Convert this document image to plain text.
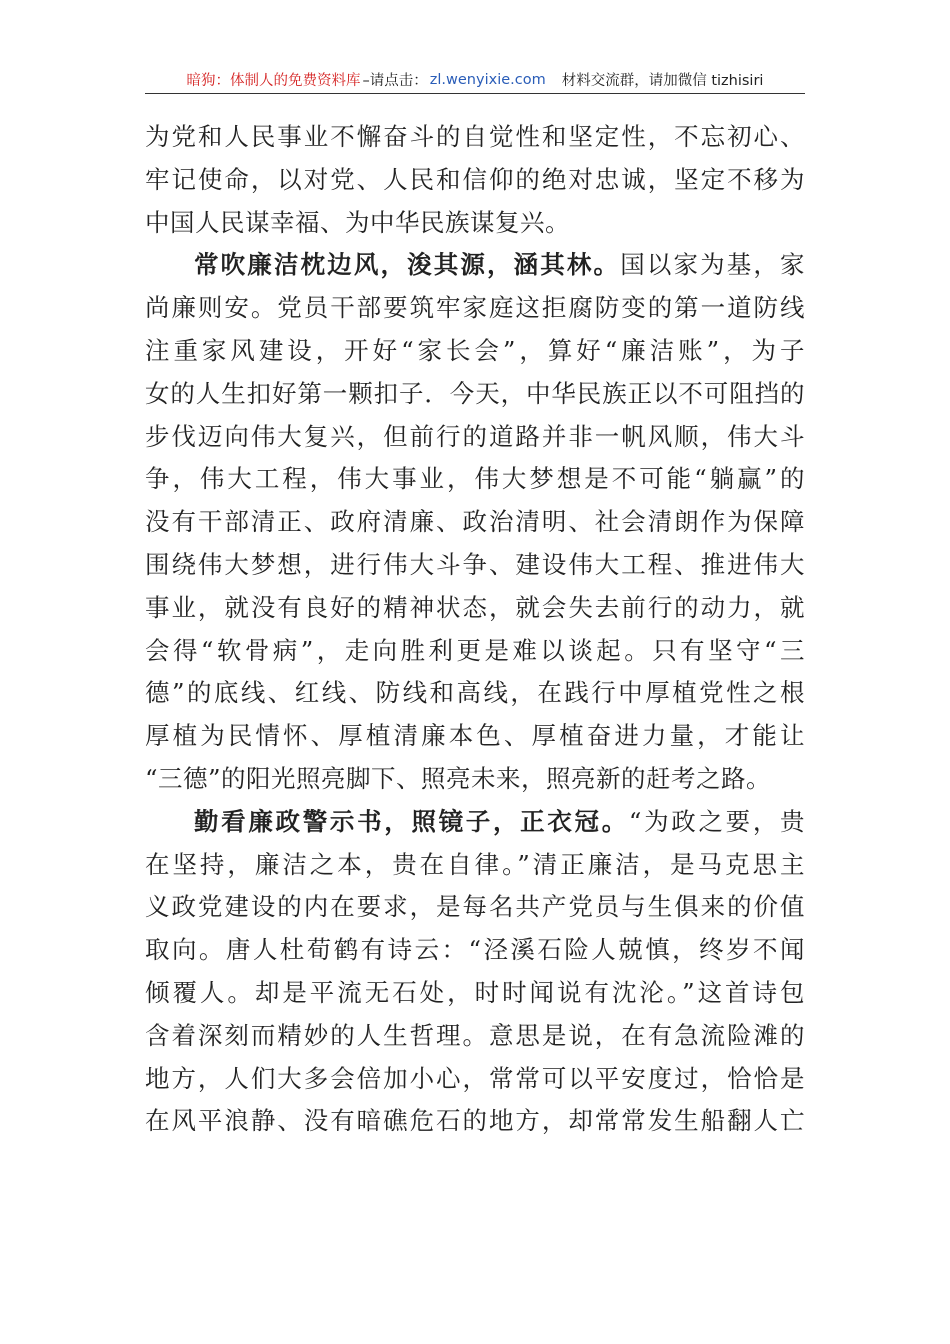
暗狗：体制人的免费资料库 –请点击： zl.wenyixie.com 材料交流群，请加微信 tizhisiri
为党和人民事业不懈奋斗的自觉性和坚定性，不忘初心、
牢记使命，以对党、人民和信仰的绝对忠诚，坚定不移为
中国人民谋幸福、为中华民族谋复兴。
常吹廉洁枕边风，浚其源，涵其林。国以家为基，家
尚廉则安。党员干部要筑牢家庭这拒腐防变的第一道防线
注重家风建设，开好“家长会”，算好“廉洁账”，为子
女的人生扣好第一颗扣子．今天，中华民族正以不可阻挡的
步伐迈向伟大复兴，但前行的道路并非一帆风顺，伟大斗
争，伟大工程，伟大事业，伟大梦想是不可能“躺赢”的
没有干部清正、政府清廉、政治清明、社会清朗作为保障
围绕伟大梦想，进行伟大斗争、建设伟大工程、推进伟大
事业，就没有良好的精神状态，就会失去前行的动力，就
会得“软骨病”，走向胜利更是难以谈起。只有坚守“三
德”的底线、红线、防线和高线，在践行中厚植党性之根
厚植为民情怀、厚植清廉本色、厚植奋进力量，才能让
“三德”的阳光照亮脚下、照亮未来，照亮新的赶考之路。
勤看廉政警示书，照镜子，正衣冠。“为政之要，贵
在坚持，廉洁之本，贵在自律。”清正廉洁，是马克思主
义政党建设的内在要求，是每名共产党员与生俱来的价值
取向。唐人杜荀鹤有诗云：“泾溪石险人兢慎，终岁不闻
倾覆人。却是平流无石处，时时闻说有沈沦。”这首诗包
含着深刻而精妙的人生哲理。意思是说，在有急流险滩的
地方，人们大多会倍加小心，常常可以平安度过，恰恰是
在风平浪静、没有暗礁危石的地方，却常常发生船翻人亡
